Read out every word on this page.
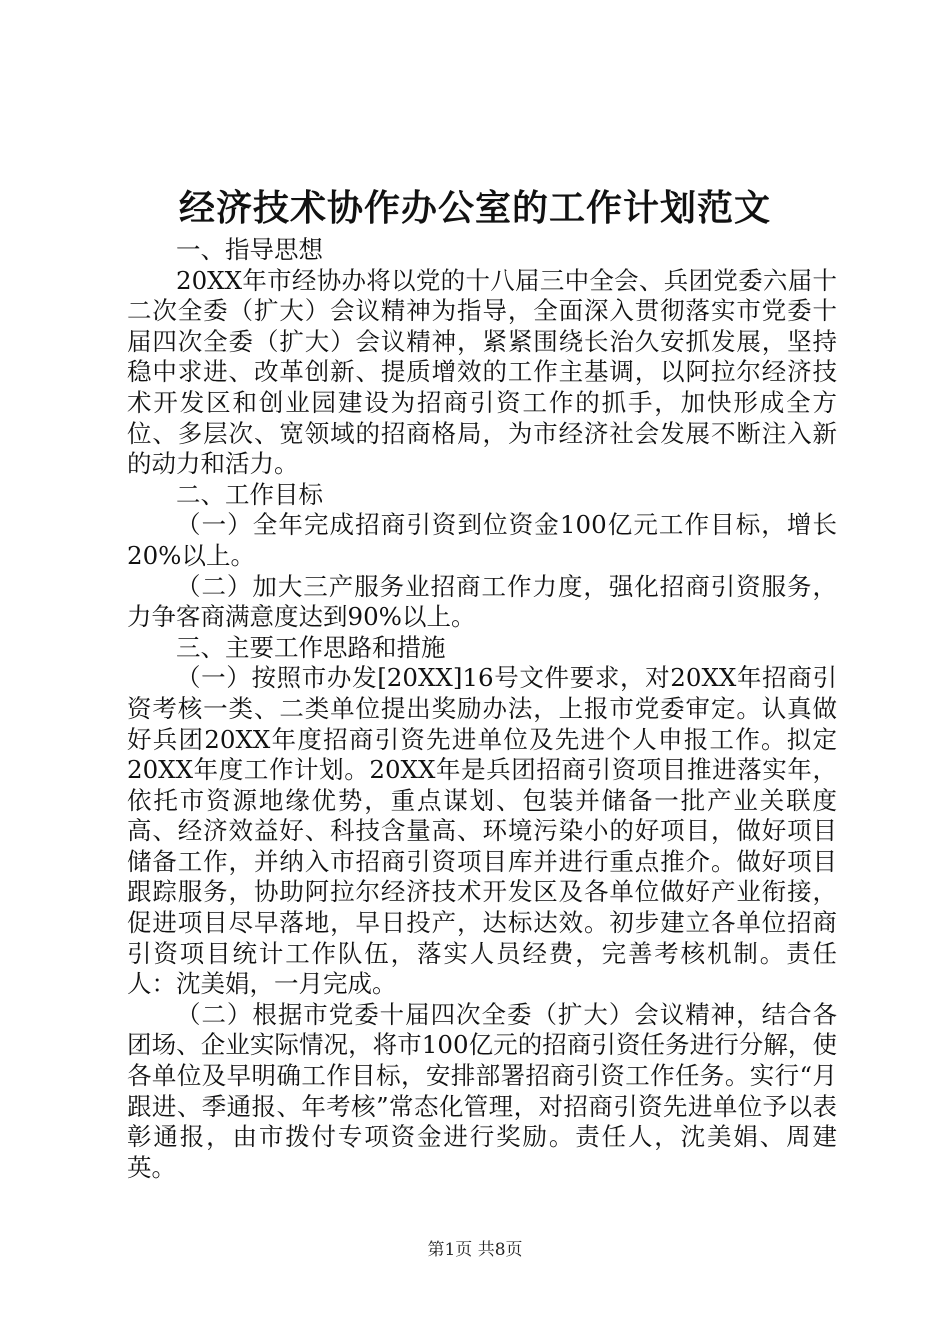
经济技术协作办公室的工作计划范文

一、指导思想

20XX年市经协办将以党的十八届三中全会、兵团党委六届十二次全委（扩大）会议精神为指导，全面深入贯彻落实市党委十届四次全委（扩大）会议精神，紧紧围绕长治久安抓发展，坚持稳中求进、改革创新、提质增效的工作主基调，以阿拉尔经济技术开发区和创业园建设为招商引资工作的抓手，加快形成全方位、多层次、宽领域的招商格局，为市经济社会发展不断注入新的动力和活力。

二、工作目标

（一）全年完成招商引资到位资金100亿元工作目标，增长20%以上。

（二）加大三产服务业招商工作力度，强化招商引资服务，力争客商满意度达到90%以上。

三、主要工作思路和措施

（一）按照市办发[20XX]16号文件要求，对20XX年招商引资考核一类、二类单位提出奖励办法，上报市党委审定。认真做好兵团20XX年度招商引资先进单位及先进个人申报工作。拟定20XX年度工作计划。20XX年是兵团招商引资项目推进落实年，依托市资源地缘优势，重点谋划、包装并储备一批产业关联度高、经济效益好、科技含量高、环境污染小的好项目，做好项目储备工作，并纳入市招商引资项目库并进行重点推介。做好项目跟踪服务，协助阿拉尔经济技术开发区及各单位做好产业衔接，促进项目尽早落地，早日投产，达标达效。初步建立各单位招商引资项目统计工作队伍，落实人员经费，完善考核机制。责任人：沈美娟，一月完成。

（二）根据市党委十届四次全委（扩大）会议精神，结合各团场、企业实际情况，将市100亿元的招商引资任务进行分解，使各单位及早明确工作目标，安排部署招商引资工作任务。实行“月跟进、季通报、年考核”常态化管理，对招商引资先进单位予以表彰通报，由市拨付专项资金进行奖励。责任人，沈美娟、周建英。

第1页 共8页
